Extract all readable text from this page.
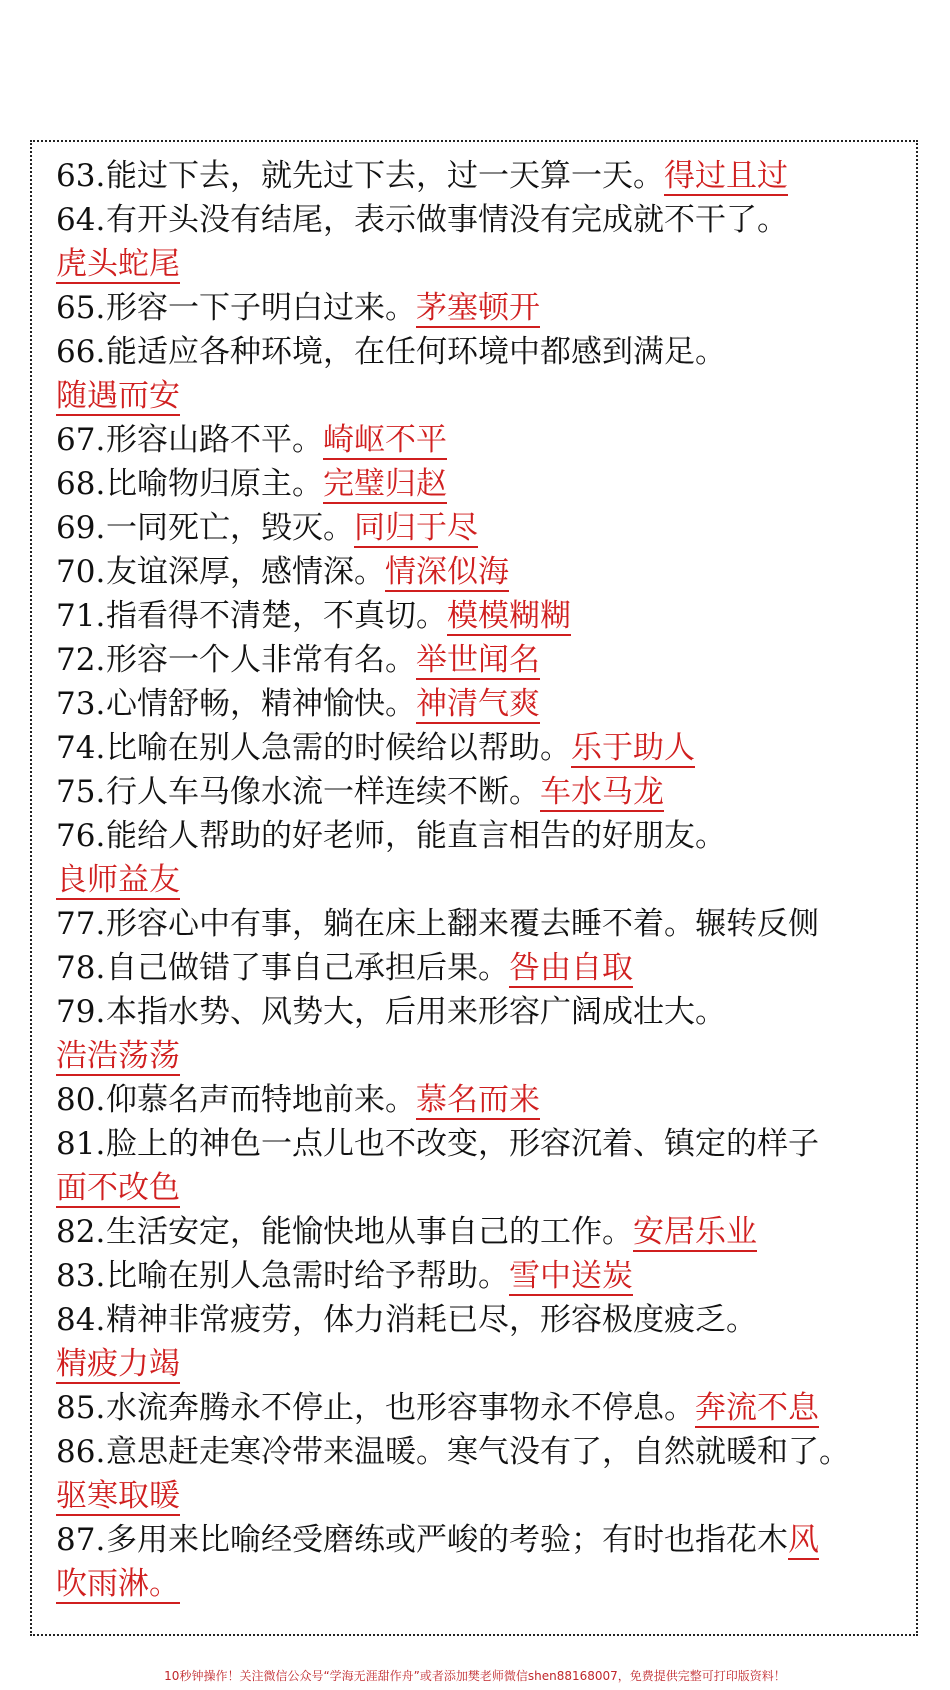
63.能过下去，就先过下去，过一天算一天。得过且过
64.有开头没有结尾，表示做事情没有完成就不干了。
虎头蛇尾
65.形容一下子明白过来。茅塞顿开
66.能适应各种环境，在任何环境中都感到满足。
随遇而安
67.形容山路不平。崎岖不平
68.比喻物归原主。完璧归赵
69.一同死亡，毁灭。同归于尽
70.友谊深厚，感情深。情深似海
71.指看得不清楚，不真切。模模糊糊
72.形容一个人非常有名。举世闻名
73.心情舒畅，精神愉快。神清气爽
74.比喻在别人急需的时候给以帮助。乐于助人
75.行人车马像水流一样连续不断。车水马龙
76.能给人帮助的好老师，能直言相告的好朋友。
良师益友
77.形容心中有事，躺在床上翻来覆去睡不着。辗转反侧
78.自己做错了事自己承担后果。咎由自取
79.本指水势、风势大，后用来形容广阔成壮大。
浩浩荡荡
80.仰慕名声而特地前来。慕名而来
81.脸上的神色一点儿也不改变，形容沉着、镇定的样子
面不改色
82.生活安定，能愉快地从事自己的工作。安居乐业
83.比喻在别人急需时给予帮助。雪中送炭
84.精神非常疲劳，体力消耗已尽，形容极度疲乏。
精疲力竭
85.水流奔腾永不停止，也形容事物永不停息。奔流不息
86.意思赶走寒冷带来温暖。寒气没有了，自然就暖和了。
驱寒取暖
87.多用来比喻经受磨练或严峻的考验；有时也指花木风
吹雨淋。
10秒钟操作！关注微信公众号“学海无涯甜作舟”或者添加樊老师微信shen88168007，免费提供完整可打印版资料！
